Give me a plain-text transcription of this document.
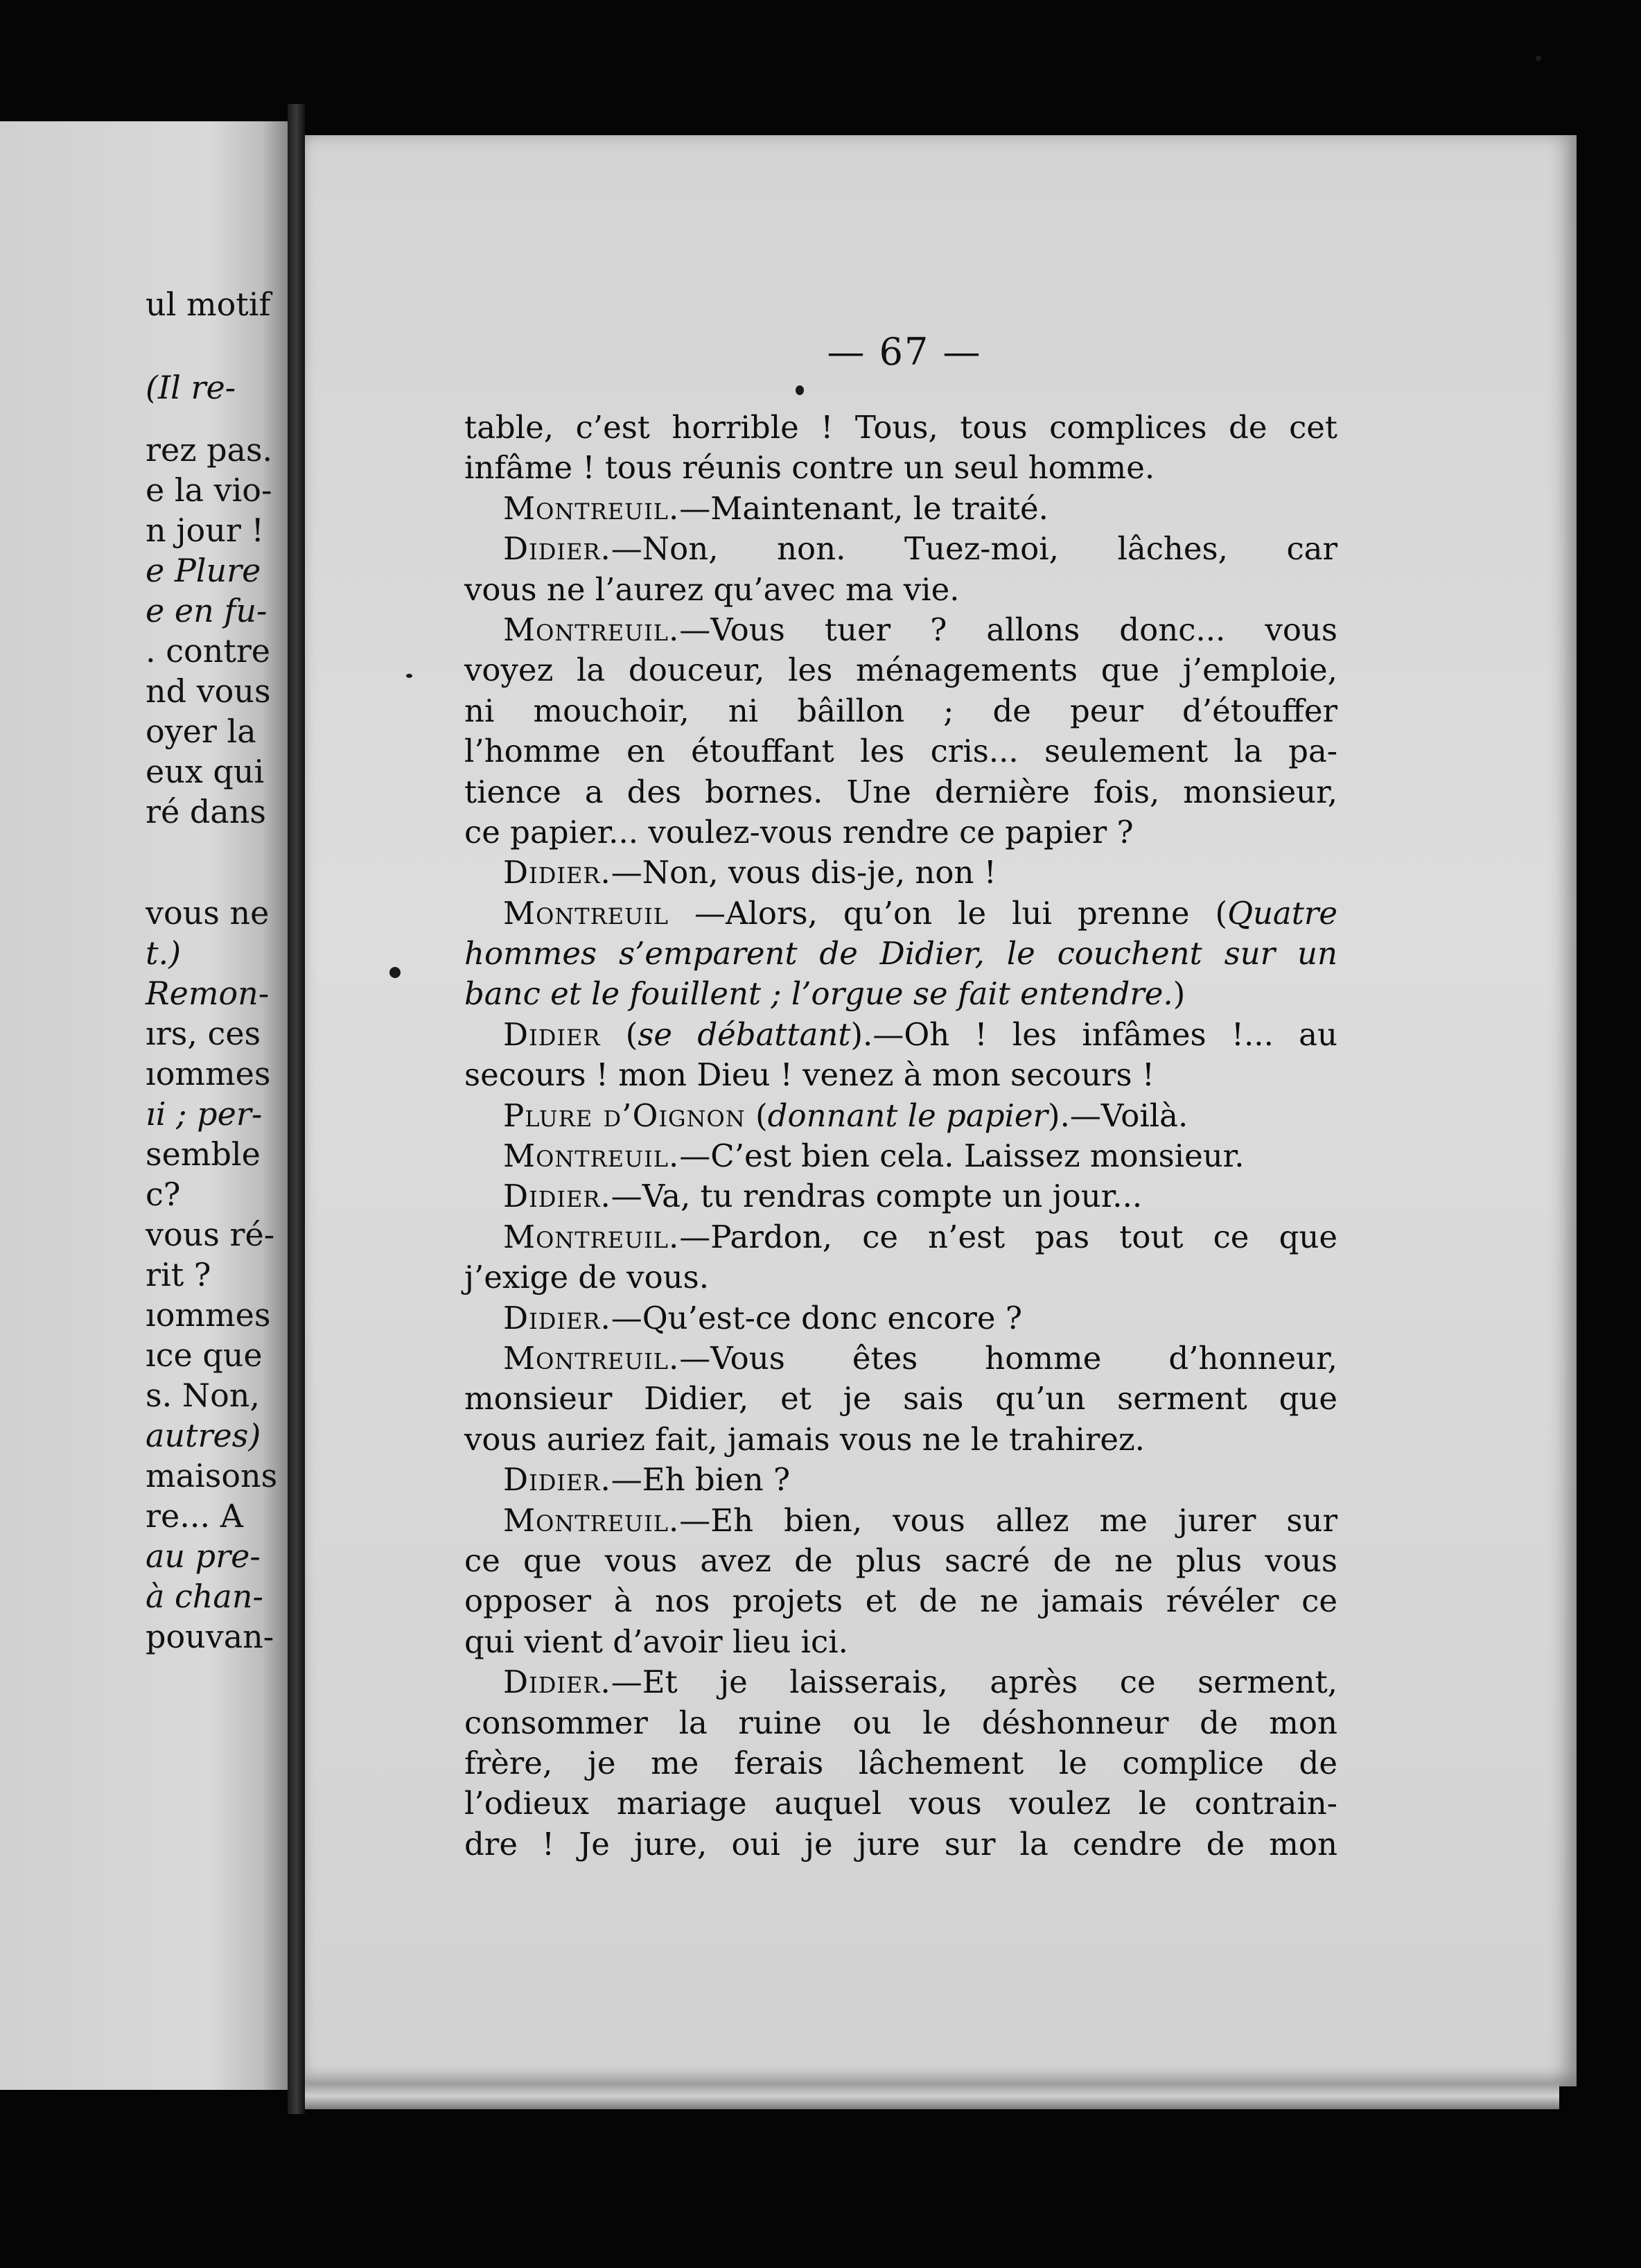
ul motif
(Il re-
rez pas.
e la vio-
n jour !
e Plure
e en fu-
. contre
nd vous
oyer la
eux qui
ré dans
vous ne
t.)
Remon-
ırs, ces
ıommes
ıi ; per-
semble
c?
vous ré-
rit ?
ıommes
ıce que
s. Non,
autres)
maisons
re... A
au pre-
à chan-
pouvan-
— 67 —
table, c’est horrible ! Tous, tous complices de cet
infâme ! tous réunis contre un seul homme.
Montreuil.—Maintenant, le traité.
Didier.—Non, non. Tuez-moi, lâches, car
vous ne l’aurez qu’avec ma vie.
Montreuil.—Vous tuer ? allons donc... vous
voyez la douceur, les ménagements que j’emploie,
ni mouchoir, ni bâillon ; de peur d’étouffer
l’homme en étouffant les cris... seulement la pa-
tience a des bornes. Une dernière fois, monsieur,
ce papier... voulez-vous rendre ce papier ?
Didier.—Non, vous dis-je, non !
Montreuil —Alors, qu’on le lui prenne (Quatre
hommes s’emparent de Didier, le couchent sur un
banc et le fouillent ; l’orgue se fait entendre.)
Didier (se débattant).—Oh ! les infâmes !... au
secours ! mon Dieu ! venez à mon secours !
Plure d’Oignon (donnant le papier).—Voilà.
Montreuil.—C’est bien cela. Laissez monsieur.
Didier.—Va, tu rendras compte un jour...
Montreuil.—Pardon, ce n’est pas tout ce que
j’exige de vous.
Didier.—Qu’est-ce donc encore ?
Montreuil.—Vous êtes homme d’honneur,
monsieur Didier, et je sais qu’un serment que
vous auriez fait, jamais vous ne le trahirez.
Didier.—Eh bien ?
Montreuil.—Eh bien, vous allez me jurer sur
ce que vous avez de plus sacré de ne plus vous
opposer à nos projets et de ne jamais révéler ce
qui vient d’avoir lieu ici.
Didier.—Et je laisserais, après ce serment,
consommer la ruine ou le déshonneur de mon
frère, je me ferais lâchement le complice de
l’odieux mariage auquel vous voulez le contrain-
dre ! Je jure, oui je jure sur la cendre de mon
